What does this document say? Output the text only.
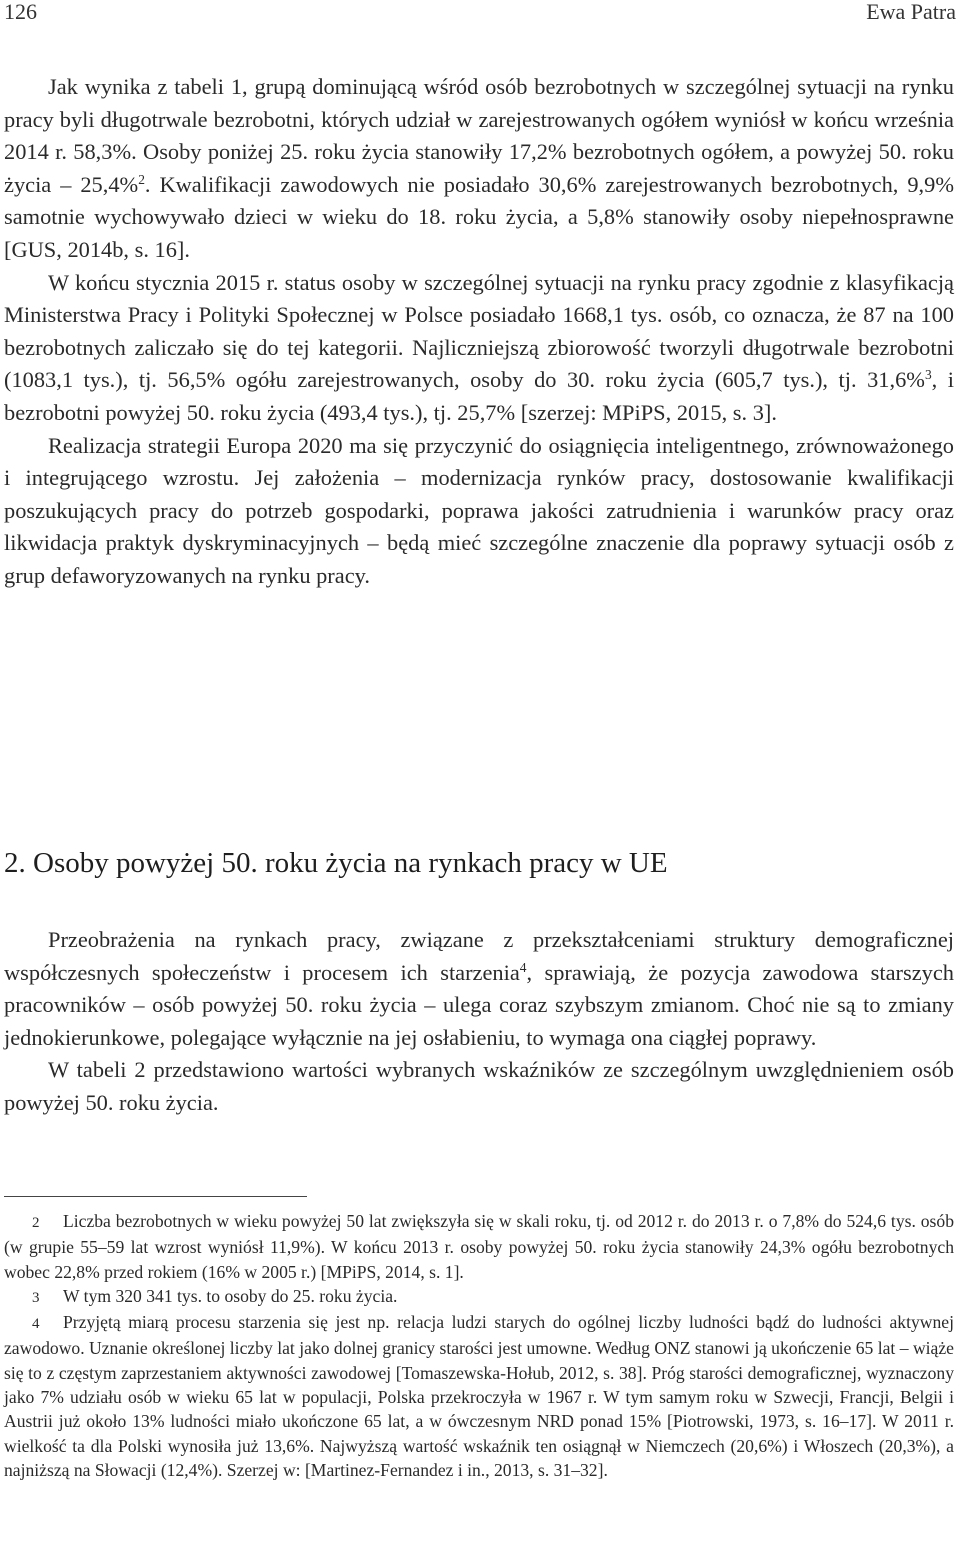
126	Ewa Patra

Jak wynika z tabeli 1, grupą dominującą wśród osób bezrobotnych w szczególnej sytuacji na rynku pracy byli długotrwale bezrobotni, których udział w zarejestrowanych ogółem wyniósł w końcu września 2014 r. 58,3%. Osoby poniżej 25. roku życia stanowiły 17,2% bezrobotnych ogółem, a powyżej 50. roku życia – 25,4%$^2$. Kwalifikacji zawodowych nie posiadało 30,6% zarejestrowanych bezrobotnych, 9,9% samotnie wychowywało dzieci w wieku do 18. roku życia, a 5,8% stanowiły osoby niepełnosprawne [GUS, 2014b, s. 16].

W końcu stycznia 2015 r. status osoby w szczególnej sytuacji na rynku pracy zgodnie z klasyfikacją Ministerstwa Pracy i Polityki Społecznej w Polsce posiadało 1668,1 tys. osób, co oznacza, że 87 na 100 bezrobotnych zaliczało się do tej kategorii. Najliczniejszą zbiorowość tworzyli długotrwale bezrobotni (1083,1 tys.), tj. 56,5% ogółu zarejestrowanych, osoby do 30. roku życia (605,7 tys.), tj. 31,6%$^3$, i bezrobotni powyżej 50. roku życia (493,4 tys.), tj. 25,7% [szerzej: MPiPS, 2015, s. 3].

Realizacja strategii Europa 2020 ma się przyczynić do osiągnięcia inteligentnego, zrównoważonego i integrującego wzrostu. Jej założenia – modernizacja rynków pracy, dostosowanie kwalifikacji poszukujących pracy do potrzeb gospodarki, poprawa jakości zatrudnienia i warunków pracy oraz likwidacja praktyk dyskryminacyjnych – będą mieć szczególne znaczenie dla poprawy sytuacji osób z grup defaworyzowanych na rynku pracy.

2. Osoby powyżej 50. roku życia na rynkach pracy w UE

Przeobrażenia na rynkach pracy, związane z przekształceniami struktury demograficznej współczesnych społeczeństw i procesem ich starzenia$^4$, sprawiają, że pozycja zawodowa starszych pracowników – osób powyżej 50. roku życia – ulega coraz szybszym zmianom. Choć nie są to zmiany jednokierunkowe, polegające wyłącznie na jej osłabieniu, to wymaga ona ciągłej poprawy.

W tabeli 2 przedstawiono wartości wybranych wskaźników ze szczególnym uwzględnieniem osób powyżej 50. roku życia.

2 Liczba bezrobotnych w wieku powyżej 50 lat zwiększyła się w skali roku, tj. od 2012 r. do 2013 r. o 7,8% do 524,6 tys. osób (w grupie 55–59 lat wzrost wyniósł 11,9%). W końcu 2013 r. osoby powyżej 50. roku życia stanowiły 24,3% ogółu bezrobotnych wobec 22,8% przed rokiem (16% w 2005 r.) [MPiPS, 2014, s. 1].

3 W tym 320 341 tys. to osoby do 25. roku życia.

4 Przyjętą miarą procesu starzenia się jest np. relacja ludzi starych do ogólnej liczby ludności bądź do ludności aktywnej zawodowo. Uznanie określonej liczby lat jako dolnej granicy starości jest umowne. Według ONZ stanowi ją ukończenie 65 lat – wiąże się to z częstym zaprzestaniem aktywności zawodowej [Tomaszewska-Hołub, 2012, s. 38]. Próg starości demograficznej, wyznaczony jako 7% udziału osób w wieku 65 lat w populacji, Polska przekroczyła w 1967 r. W tym samym roku w Szwecji, Francji, Belgii i Austrii już około 13% ludności miało ukończone 65 lat, a w ówczesnym NRD ponad 15% [Piotrowski, 1973, s. 16–17]. W 2011 r. wielkość ta dla Polski wynosiła już 13,6%. Najwyższą wartość wskaźnik ten osiągnął w Niemczech (20,6%) i Włoszech (20,3%), a najniższą na Słowacji (12,4%). Szerzej w: [Martinez-Fernandez i in., 2013, s. 31–32].
